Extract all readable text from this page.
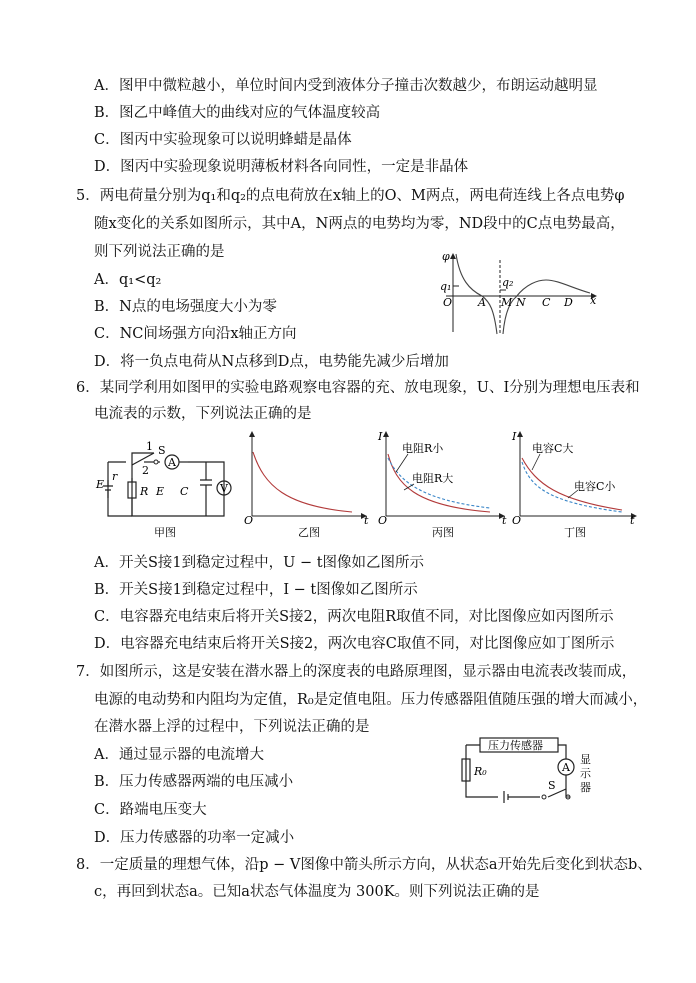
A．图甲中微粒越小，单位时间内受到液体分子撞击次数越少，布朗运动越明显
B．图乙中峰值大的曲线对应的气体温度较高
C．图丙中实验现象可以说明蜂蜡是晶体
D．图丙中实验现象说明薄板材料各向同性，一定是非晶体
5．两电荷量分别为q₁和q₂的点电荷放在x轴上的O、M两点，两电荷连线上各点电势φ
随x变化的关系如图所示，其中A，N两点的电势均为零，ND段中的C点电势最高，
则下列说法正确的是
A．q₁<q₂
B．N点的电场强度大小为零
C．NC间场强方向沿x轴正方向
D．将一负点电荷从N点移到D点，电势能先减少后增加
φ
q₁	q₂
O A M N C D x
6．某同学利用如图甲的实验电路观察电容器的充、放电现象，U、I分别为理想电压表和
电流表的示数，下列说法正确的是
S
1
2
A
V
E
r
R E C
甲图
O	t
乙图
I
O	t
电阻R小
电阻R大
丙图
I
O	t
电容C大
电容C小
丁图
A．开关S接1到稳定过程中，U − t图像如乙图所示
B．开关S接1到稳定过程中，I − t图像如乙图所示
C．电容器充电结束后将开关S接2，两次电阻R取值不同，对比图像应如丙图所示
D．电容器充电结束后将开关S接2，两次电容C取值不同，对比图像应如丁图所示
7．如图所示，这是安装在潜水器上的深度表的电路原理图，显示器由电流表改装而成，
电源的电动势和内阻均为定值，R₀是定值电阻。压力传感器阻值随压强的增大而减小，
在潜水器上浮的过程中，下列说法正确的是
A．通过显示器的电流增大
B．压力传感器两端的电压减小
C．路端电压变大
D．压力传感器的功率一定减小
压力传感器
R₀
S
A
显
示
器
8．一定质量的理想气体，沿p − V图像中箭头所示方向，从状态a开始先后变化到状态b、
c，再回到状态a。已知a状态气体温度为 300K。则下列说法正确的是
